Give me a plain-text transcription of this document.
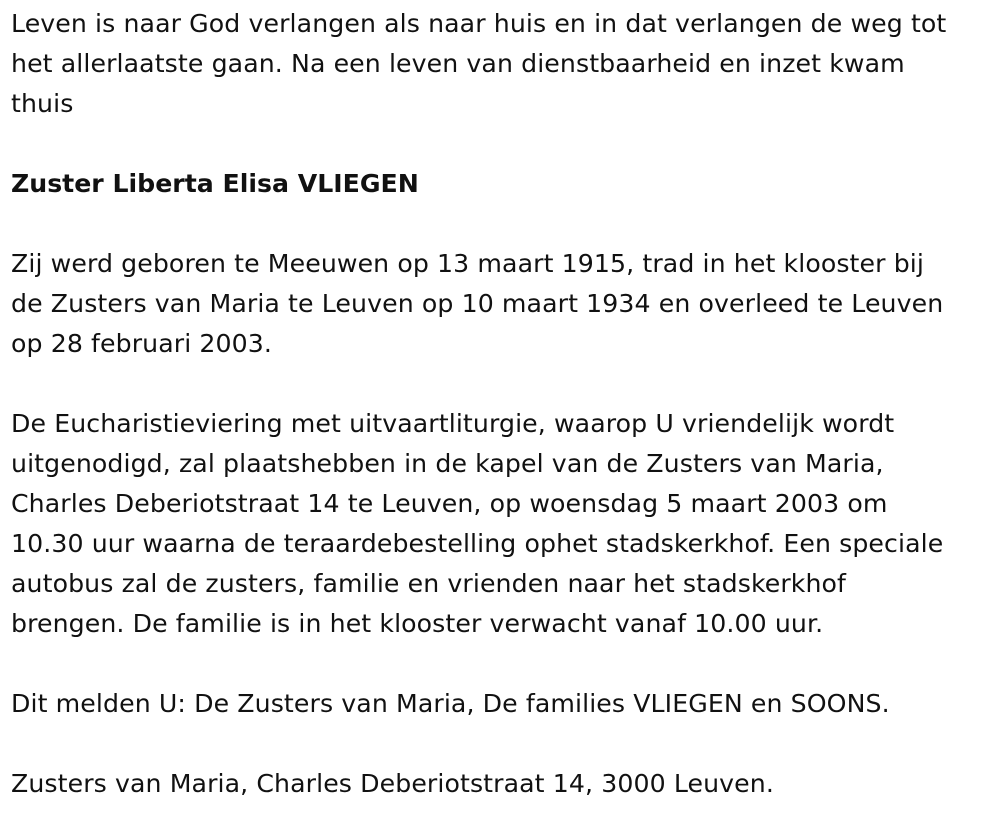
Leven is naar God verlangen als naar huis en in dat verlangen de weg tot
het allerlaatste gaan. Na een leven van dienstbaarheid en inzet kwam
thuis

Zuster Liberta Elisa VLIEGEN

Zij werd geboren te Meeuwen op 13 maart 1915, trad in het klooster bij
de Zusters van Maria te Leuven op 10 maart 1934 en overleed te Leuven
op 28 februari 2003.

De Eucharistieviering met uitvaartliturgie, waarop U vriendelijk wordt
uitgenodigd, zal plaatshebben in de kapel van de Zusters van Maria,
Charles Deberiotstraat 14 te Leuven, op woensdag 5 maart 2003 om
10.30 uur waarna de teraardebestelling ophet stadskerkhof. Een speciale
autobus zal de zusters, familie en vrienden naar het stadskerkhof
brengen. De familie is in het klooster verwacht vanaf 10.00 uur.

Dit melden U: De Zusters van Maria, De families VLIEGEN en SOONS.

Zusters van Maria, Charles Deberiotstraat 14, 3000 Leuven.
